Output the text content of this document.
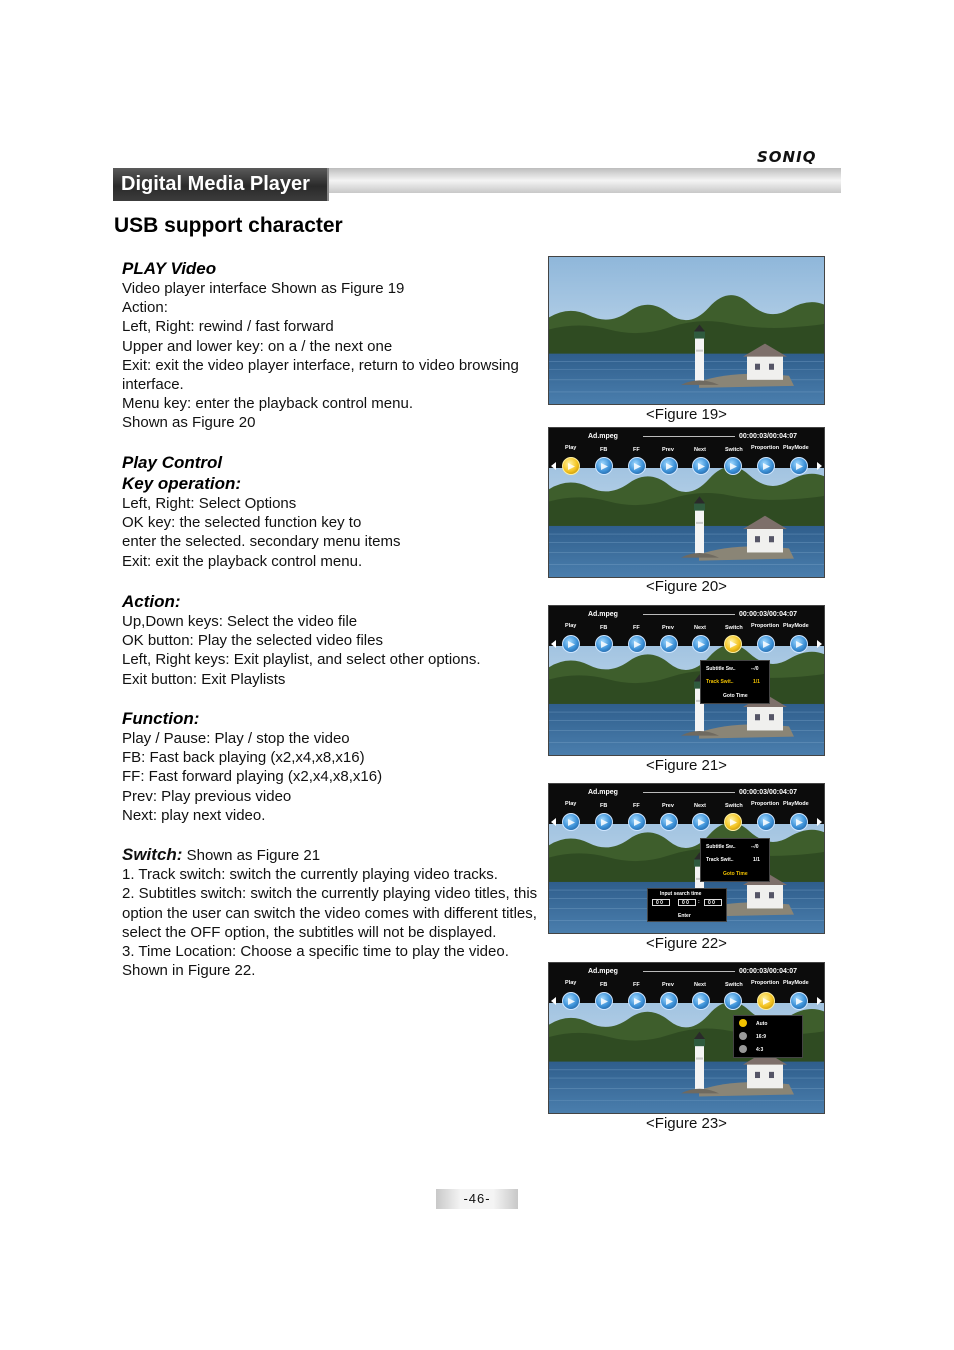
SONIQ
Digital Media Player
USB support character
PLAY Video
Video player interface Shown as Figure 19
Action:
Left, Right: rewind / fast forward
Upper and lower key: on a / the next one
Exit: exit the video player interface, return to video browsing interface.
Menu key: enter the playback control menu.
Shown as Figure 20
Play Control
Key operation:
Left, Right: Select Options
OK key: the selected function key to
enter the selected. secondary menu items
Exit: exit the playback control menu.
Action:
Up,Down keys: Select the video file
OK button: Play the selected video files
Left, Right keys: Exit playlist, and select other options.
Exit button: Exit Playlists
Function:
Play / Pause: Play / stop the video
FB: Fast back playing (x2,x4,x8,x16)
FF: Fast forward playing (x2,x4,x8,x16)
Prev: Play previous video
Next: play next video.
Switch: Shown as Figure 21
1. Track switch: switch the currently playing video tracks.
2. Subtitles switch: switch the currently playing video titles, this option the user can switch the video comes with different titles, select the OFF option, the subtitles will not be displayed.
3. Time Location: Choose a specific time to play the video. Shown in Figure 22.
<Figure 19>
Ad.mpeg	00:00:03/00:04:07
Play	FB	FF	Prev	Next	Switch Proportion PlayMode
<Figure 20>
Ad.mpeg	00:00:03/00:04:07
Play	FB	FF	Prev	Next	Switch Proportion PlayMode
Subtitle Sw..	--/0
Track Swit..	1/1
Goto Time
<Figure 21>
Ad.mpeg	00:00:03/00:04:07
Play	FB	FF	Prev	Next	Switch Proportion PlayMode
Subtitle Sw..	--/0
Track Swit..	1/1
Goto Time
Input search time
0 0	0 0 : 0 0
Enter
<Figure 22>
Ad.mpeg	00:00:03/00:04:07
Play	FB	FF	Prev	Next	Switch Proportion PlayMode
Auto
16:9
4:3
<Figure 23>
-46-
